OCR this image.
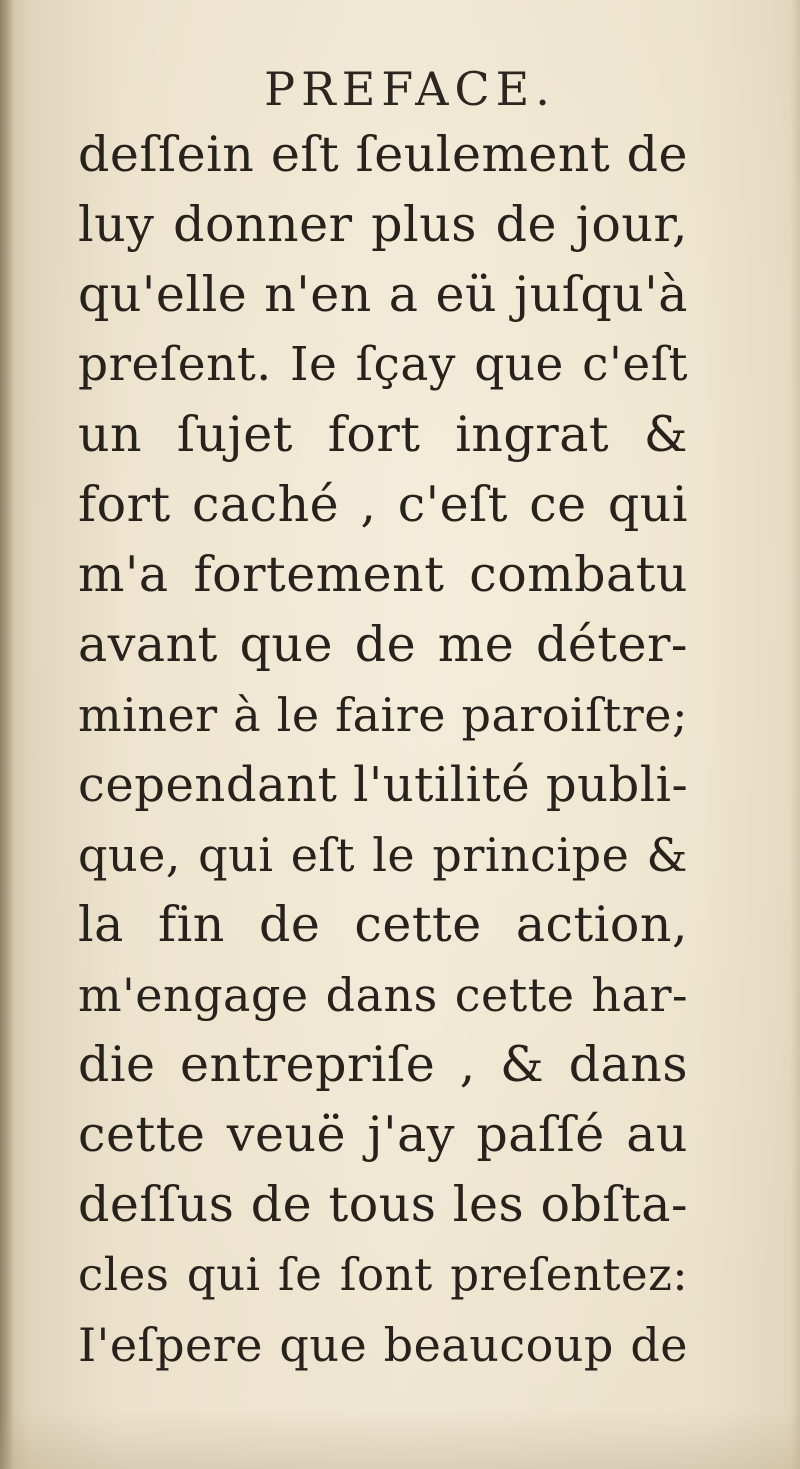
PREFACE.
deſſein eſt ſeulement de
luy donner plus de jour,
qu'elle n'en a eü juſqu'à
preſent. Ie ſçay que c'eſt
un ſujet fort ingrat &
fort caché , c'eſt ce qui
m'a fortement combatu
avant que de me déter-
miner à le faire paroiſtre;
cependant l'utilité publi-
que, qui eſt le principe &
la fin de cette action,
m'engage dans cette har-
die entrepriſe , & dans
cette veuë j'ay paſſé au
deſſus de tous les obſta-
cles qui ſe ſont preſentez:
I'eſpere que beaucoup de
